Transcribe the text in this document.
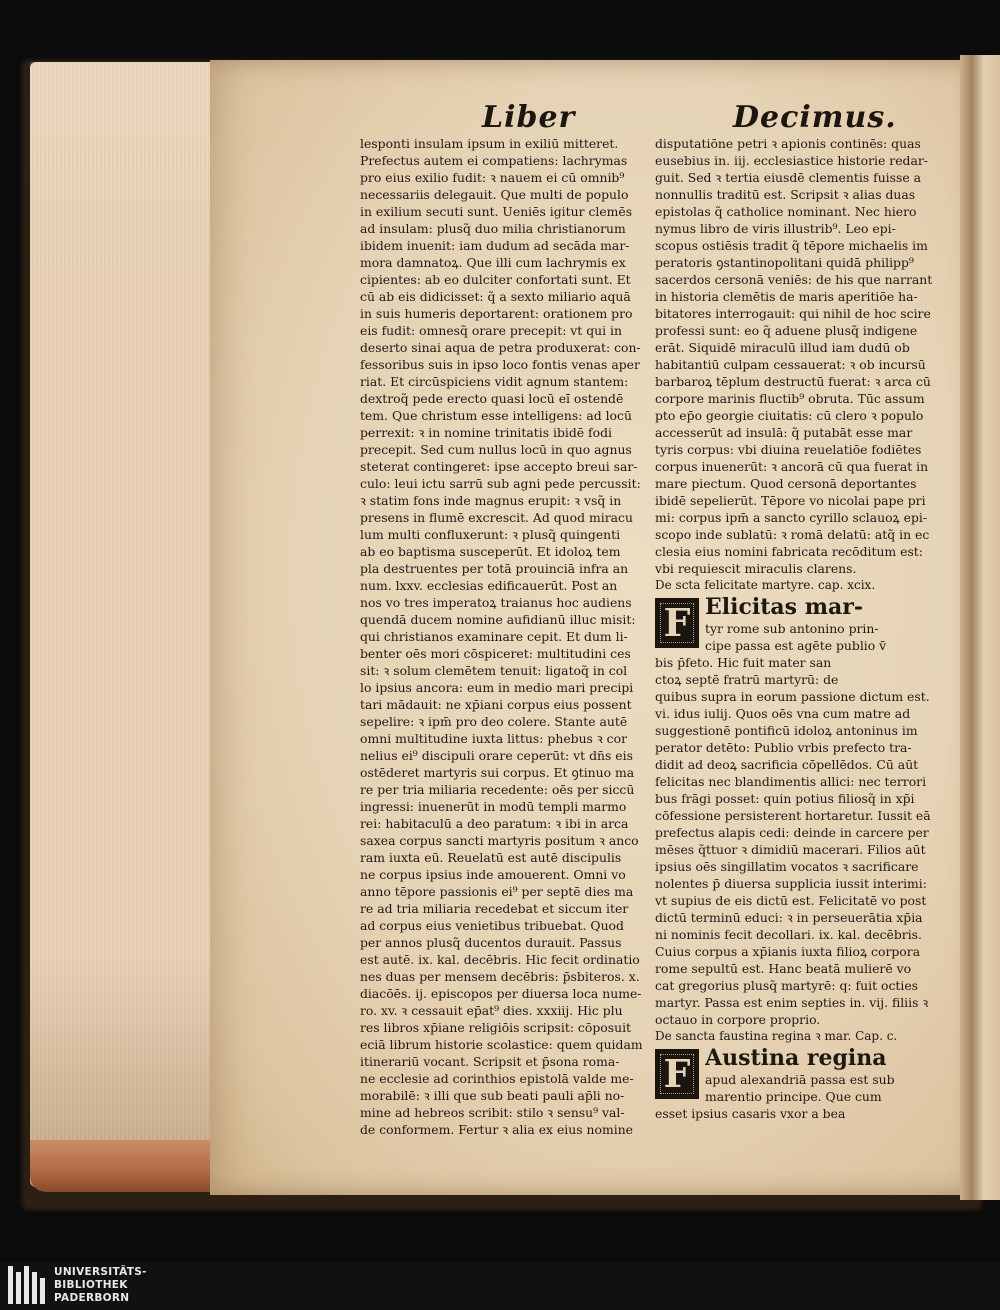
Liber	Decimus.
lesponti insulam ipsum in exiliū mitteret.
Prefectus autem ei compatiens: lachrymas
pro eius exilio fudit: ꝛ nauem ei cū omnib⁹
necessariis delegauit. Que multi de populo
in exilium secuti sunt. Ueniēs igitur clemēs
ad insulam: plusq̃ duo milia christianorum
ibidem inuenit: iam dudum ad secāda mar-
mora damnatoꝝ. Que illi cum lachrymis ex
cipientes: ab eo dulciter confortati sunt. Et
cū ab eis didicisset: q̃ a sexto miliario aquā
in suis humeris deportarent: orationem pro
eis fudit: omnesq̃ orare precepit: vt qui in
deserto sinai aqua de petra produxerat: con-
fessoribus suis in ipso loco fontis venas aper
riat. Et circūspiciens vidit agnum stantem:
dextroq̃ pede erecto quasi locū ei̇̄ ostendē
tem. Que christum esse intelligens: ad locū
perrexit: ꝛ in nomine trinitatis ibidē fodi
precepit. Sed cum nullus locū in quo agnus
steterat contingeret: ipse accepto breui sar-
culo: leui ictu sarrū sub agni pede percussit:
ꝛ statim fons inde magnus erupit: ꝛ vsq̃ in
presens in flumē excrescit. Ad quod miracu
lum multi confluxerunt: ꝛ plusq̃ quingenti
ab eo baptisma susceperūt. Et idoloꝝ tem
pla destruentes per totā prouinciā infra an
num. lxxv. ecclesias edificauerūt. Post an
nos vo tres imperatoꝝ traianus hoc audiens
quendā ducem nomine aufidianū illuc misit:
qui christianos examinare cepit. Et dum li-
benter oēs mori cōspiceret: multitudini ces
sit: ꝛ solum clemētem tenuit: ligatoq̃ in col
lo ipsius ancora: eum in medio mari precipi
tari mādauit: ne xp̄iani corpus eius possent
sepelire: ꝛ ipm̄ pro deo colere. Stante autē
omni multitudine iuxta littus: phebus ꝛ cor
nelius ei⁹ discipuli orare ceperūt: vt dn̄s eis
ostēderet martyris sui corpus. Et ꝯtinuo ma
re per tria miliaria recedente: oēs per siccū
ingressi: inuenerūt in modū templi marmo
rei: habitaculū a deo paratum: ꝛ ibi in arca
saxea corpus sancti martyris positum ꝛ anco
ram iuxta eū. Reuelatū est autē discipulis
ne corpus ipsius inde amouerent. Omni vo
anno tēpore passionis ei⁹ per septē dies ma
re ad tria miliaria recedebat et siccum iter
ad corpus eius venietibus tribuebat. Quod
per annos plusq̃ ducentos durauit. Passus
est autē. ix. kal. decēbris. Hic fecit ordinatio
nes duas per mensem decēbris: p̄sbiteros. x.
diacōēs. ij. episcopos per diuersa loca nume-
ro. xv. ꝛ cessauit ep̄at⁹ dies. xxxiij. Hic plu
res libros xp̄iane religiōis scripsit: cōposuit
eciā librum historie scolastice: quem quidam
itinerariū vocant. Scripsit et p̄sona roma-
ne ecclesie ad corinthios epistolā valde me-
morabilē: ꝛ illi que sub beati pauli ap̄li no-
mine ad hebreos scribit: stilo ꝛ sensu⁹ val-
de conformem. Fertur ꝛ alia ex eius nomine
disputatiōne petri ꝛ apionis continēs: quas
eusebius in. iij. ecclesiastice historie redar-
guit. Sed ꝛ tertia eiusdē clementis fuisse a
nonnullis traditū est. Scripsit ꝛ alias duas
epistolas q̃ catholice nominant. Nec hiero
nymus libro de viris illustrib⁹. Leo epi-
scopus ostiēsis tradit q̃ tēpore michaelis im
peratoris ꝯstantinopolitani quidā philipp⁹
sacerdos cersonā veniēs: de his que narrant
in historia clemētis de maris aperitiōe ha-
bitatores interrogauit: qui nihil de hoc scire
professi sunt: eo q̃ aduene plusq̃ indigene
erāt. Siquidē miraculū illud iam dudū ob
habitantiū culpam cessauerat: ꝛ ob incursū
barbaroꝝ tēplum destructū fuerat: ꝛ arca cū
corpore marinis fluctib⁹ obruta. Tūc assum
pto ep̄o georgie ciuitatis: cū clero ꝛ populo
accesserūt ad insulā: q̃ putabāt esse mar
tyris corpus: vbi diuina reuelatiōe fodiētes
corpus inuenerūt: ꝛ ancorā cū qua fuerat in
mare piectum. Quod cersonā deportantes
ibidē sepelierūt. Tēpore vo nicolai pape pri
mi: corpus ipm̄ a sancto cyrillo sclauoꝝ epi-
scopo inde sublatū: ꝛ romā delatū: atq̃ in ec
clesia eius nomini fabricata recōditum est:
vbi requiescit miraculis clarens.
De scta felicitate martyre. cap. xcix.
F Elicitas mar-
tyr rome sub antonino prin-
cipe passa est agēte publio v̄
bis p̄feto. Hic fuit mater san
ctoꝝ septē fratrū martyrū: de
quibus supra in eorum passione dictum est.
vi. idus iulij. Quos oēs vna cum matre ad
suggestionē pontificū idoloꝝ antoninus im
perator detēto: Publio vrbis prefecto tra-
didit ad deoꝝ sacrificia cōpellēdos. Cū aūt
felicitas nec blandimentis allici: nec terrori
bus frāgi posset: quin potius filiosq̃ in xp̄i
cōfessione persisterent hortaretur. Iussit eā
prefectus alapis cedi: deinde in carcere per
mēses q̃ttuor ꝛ dimidiū macerari. Filios aūt
ipsius oēs singillatim vocatos ꝛ sacrificare
nolentes p̄ diuersa supplicia iussit interimi:
vt supius de eis dictū est. Felicitatē vo post
dictū terminū educi: ꝛ in perseuerātia xp̄ia
ni nominis fecit decollari. ix. kal. decēbris.
Cuius corpus a xp̄ianis iuxta filioꝝ corpora
rome sepultū est. Hanc beatā mulierē vo
cat gregorius plusq̃ martyrē: q: fuit octies
martyr. Passa est enim septies in. vij. filiis ꝛ
octauo in corpore proprio.
De sancta faustina regina ꝛ mar. Cap. c.
F Austina regina
apud alexandriā passa est sub
marentio principe. Que cum
esset ipsius casaris vxor a bea
UNIVERSITÄTS-
BIBLIOTHEK
PADERBORN
